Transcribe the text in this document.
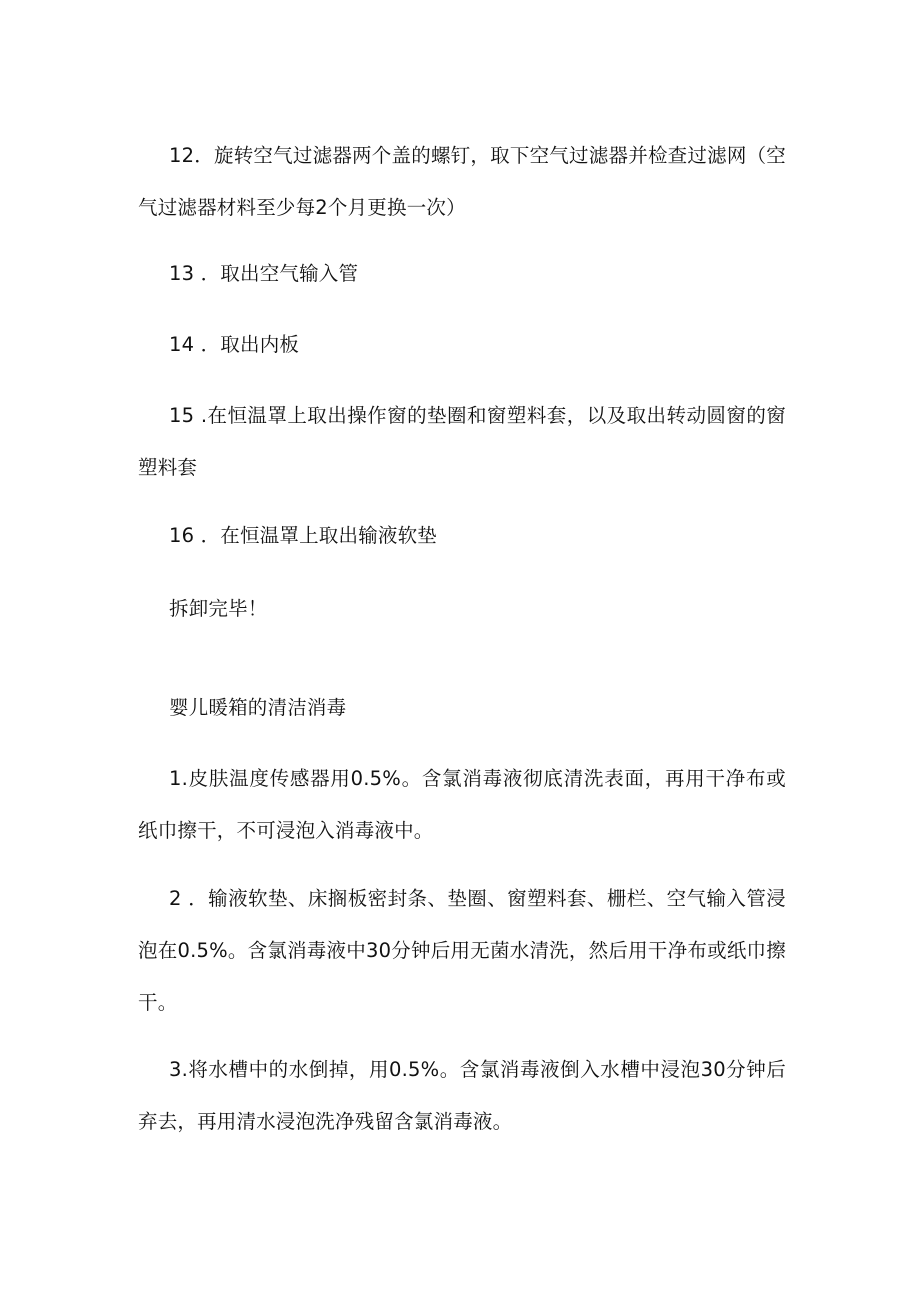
12．旋转空气过滤器两个盖的螺钉，取下空气过滤器并检查过滤网（空气过滤器材料至少每2个月更换一次）

13 ．取出空气输入管

14 ．取出内板

15 .在恒温罩上取出操作窗的垫圈和窗塑料套，以及取出转动圆窗的窗塑料套

16 ．在恒温罩上取出输液软垫

拆卸完毕！

婴儿暖箱的清洁消毒

1.皮肤温度传感器用0.5%。含氯消毒液彻底清洗表面，再用干净布或纸巾擦干，不可浸泡入消毒液中。

2 ．输液软垫、床搁板密封条、垫圈、窗塑料套、栅栏、空气输入管浸泡在0.5%。含氯消毒液中30分钟后用无菌水清洗，然后用干净布或纸巾擦干。

3.将水槽中的水倒掉，用0.5%。含氯消毒液倒入水槽中浸泡30分钟后弃去，再用清水浸泡洗净残留含氯消毒液。
